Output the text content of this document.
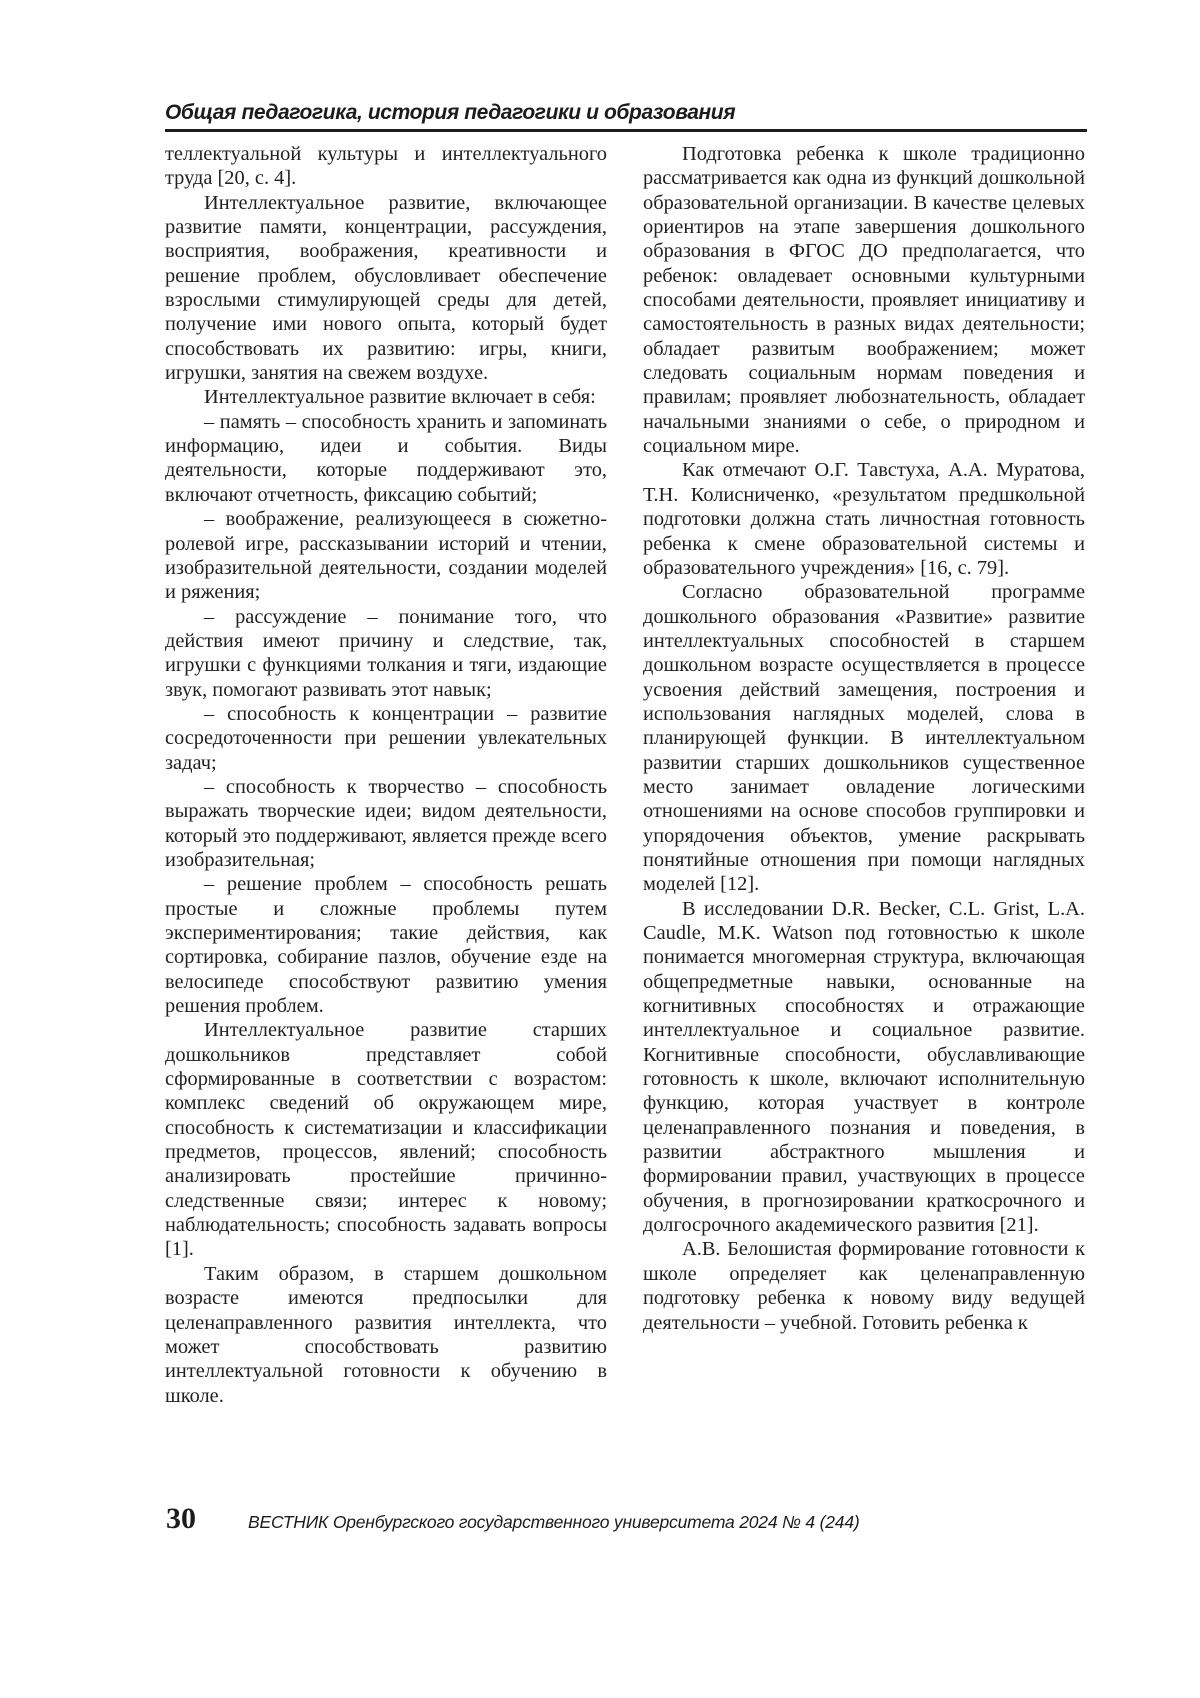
Общая педагогика, история педагогики и образования

теллектуальной культуры и интеллектуального труда [20, с. 4].

Интеллектуальное развитие, включающее развитие памяти, концентрации, рассуждения, восприятия, воображения, креативности и решение проблем, обусловливает обеспечение взрослыми стимулирующей среды для детей, получение ими нового опыта, который будет способствовать их развитию: игры, книги, игрушки, занятия на свежем воздухе.

Интеллектуальное развитие включает в себя:

– память – способность хранить и запоминать информацию, идеи и события. Виды деятельности, которые поддерживают это, включают отчетность, фиксацию событий;

– воображение, реализующееся в сюжетно-ролевой игре, рассказывании историй и чтении, изобразительной деятельности, создании моделей и ряжения;

– рассуждение – понимание того, что действия имеют причину и следствие, так, игрушки с функциями толкания и тяги, издающие звук, помогают развивать этот навык;

– способность к концентрации – развитие сосредоточенности при решении увлекательных задач;

– способность к творчество – способность выражать творческие идеи; видом деятельности, который это поддерживают, является прежде всего изобразительная;

– решение проблем – способность решать простые и сложные проблемы путем экспериментирования; такие действия, как сортировка, собирание пазлов, обучение езде на велосипеде способствуют развитию умения решения проблем.

Интеллектуальное развитие старших дошкольников представляет собой сформированные в соответствии с возрастом: комплекс сведений об окружающем мире, способность к систематизации и классификации предметов, процессов, явлений; способность анализировать простейшие причинно-следственные связи; интерес к новому; наблюдательность; способность задавать вопросы [1].

Таким образом, в старшем дошкольном возрасте имеются предпосылки для целенаправленного развития интеллекта, что может способствовать развитию интеллектуальной готовности к обучению в школе.

Подготовка ребенка к школе традиционно рассматривается как одна из функций дошкольной образовательной организации. В качестве целевых ориентиров на этапе завершения дошкольного образования в ФГОС ДО предполагается, что ребенок: овладевает основными культурными способами деятельности, проявляет инициативу и самостоятельность в разных видах деятельности; обладает развитым воображением; может следовать социальным нормам поведения и правилам; проявляет любознательность, обладает начальными знаниями о себе, о природном и социальном мире.

Как отмечают О.Г. Тавстуха, А.А. Муратова, Т.Н. Колисниченко, «результатом предшкольной подготовки должна стать личностная готовность ребенка к смене образовательной системы и образовательного учреждения» [16, с. 79].

Согласно образовательной программе дошкольного образования «Развитие» развитие интеллектуальных способностей в старшем дошкольном возрасте осуществляется в процессе усвоения действий замещения, построения и использования наглядных моделей, слова в планирующей функции. В интеллектуальном развитии старших дошкольников существенное место занимает овладение логическими отношениями на основе способов группировки и упорядочения объектов, умение раскрывать понятийные отношения при помощи наглядных моделей [12].

В исследовании D.R. Becker, C.L. Grist, L.A. Caudle, M.K. Watson под готовностью к школе понимается многомерная структура, включающая общепредметные навыки, основанные на когнитивных способностях и отражающие интеллектуальное и социальное развитие. Когнитивные способности, обуславливающие готовность к школе, включают исполнительную функцию, которая участвует в контроле целенаправленного познания и поведения, в развитии абстрактного мышления и формировании правил, участвующих в процессе обучения, в прогнозировании краткосрочного и долгосрочного академического развития [21].

А.В. Белошистая формирование готовности к школе определяет как целенаправленную подготовку ребенка к новому виду ведущей деятельности – учебной. Готовить ребенка к

30	ВЕСТНИК Оренбургского государственного университета 2024 № 4 (244)
